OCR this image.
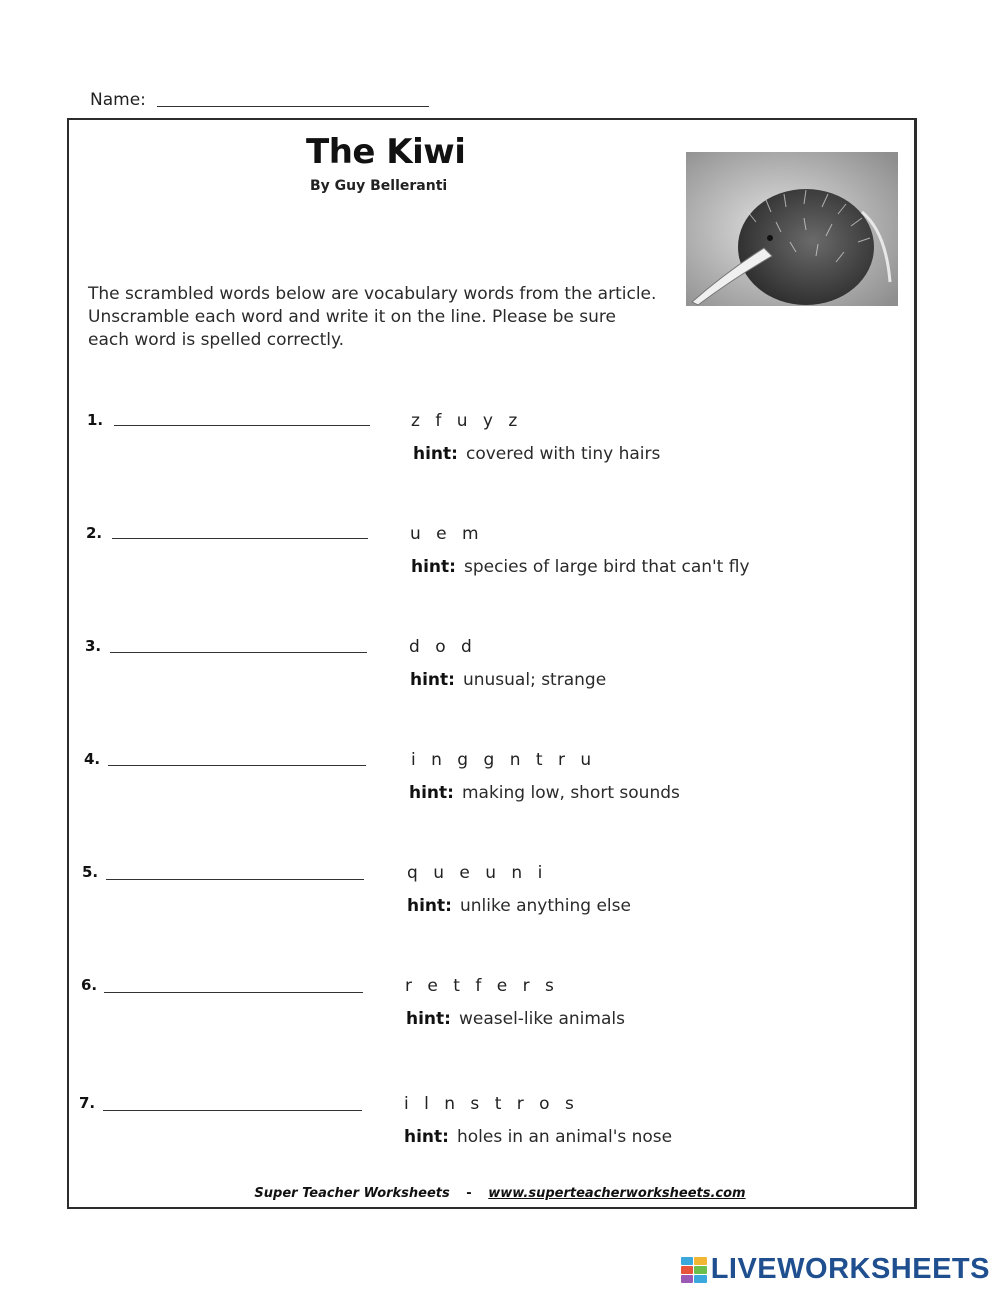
Name:
The Kiwi
By Guy Belleranti
The scrambled words below are vocabulary words from the article. Unscramble each word and write it on the line. Please be sure each word is spelled correctly.
1.	z f u y z
hint: covered with tiny hairs
2.	u e m
hint: species of large bird that can't fly
3.	d o d
hint: unusual; strange
4.	i n g g n t r u
hint: making low, short sounds
5.	q u e u n i
hint: unlike anything else
6.	r e t f e r s
hint: weasel-like animals
7.	i l n s t r o s
hint: holes in an animal's nose
Super Teacher Worksheets - www.superteacherworksheets.com
LIVEWORKSHEETS
